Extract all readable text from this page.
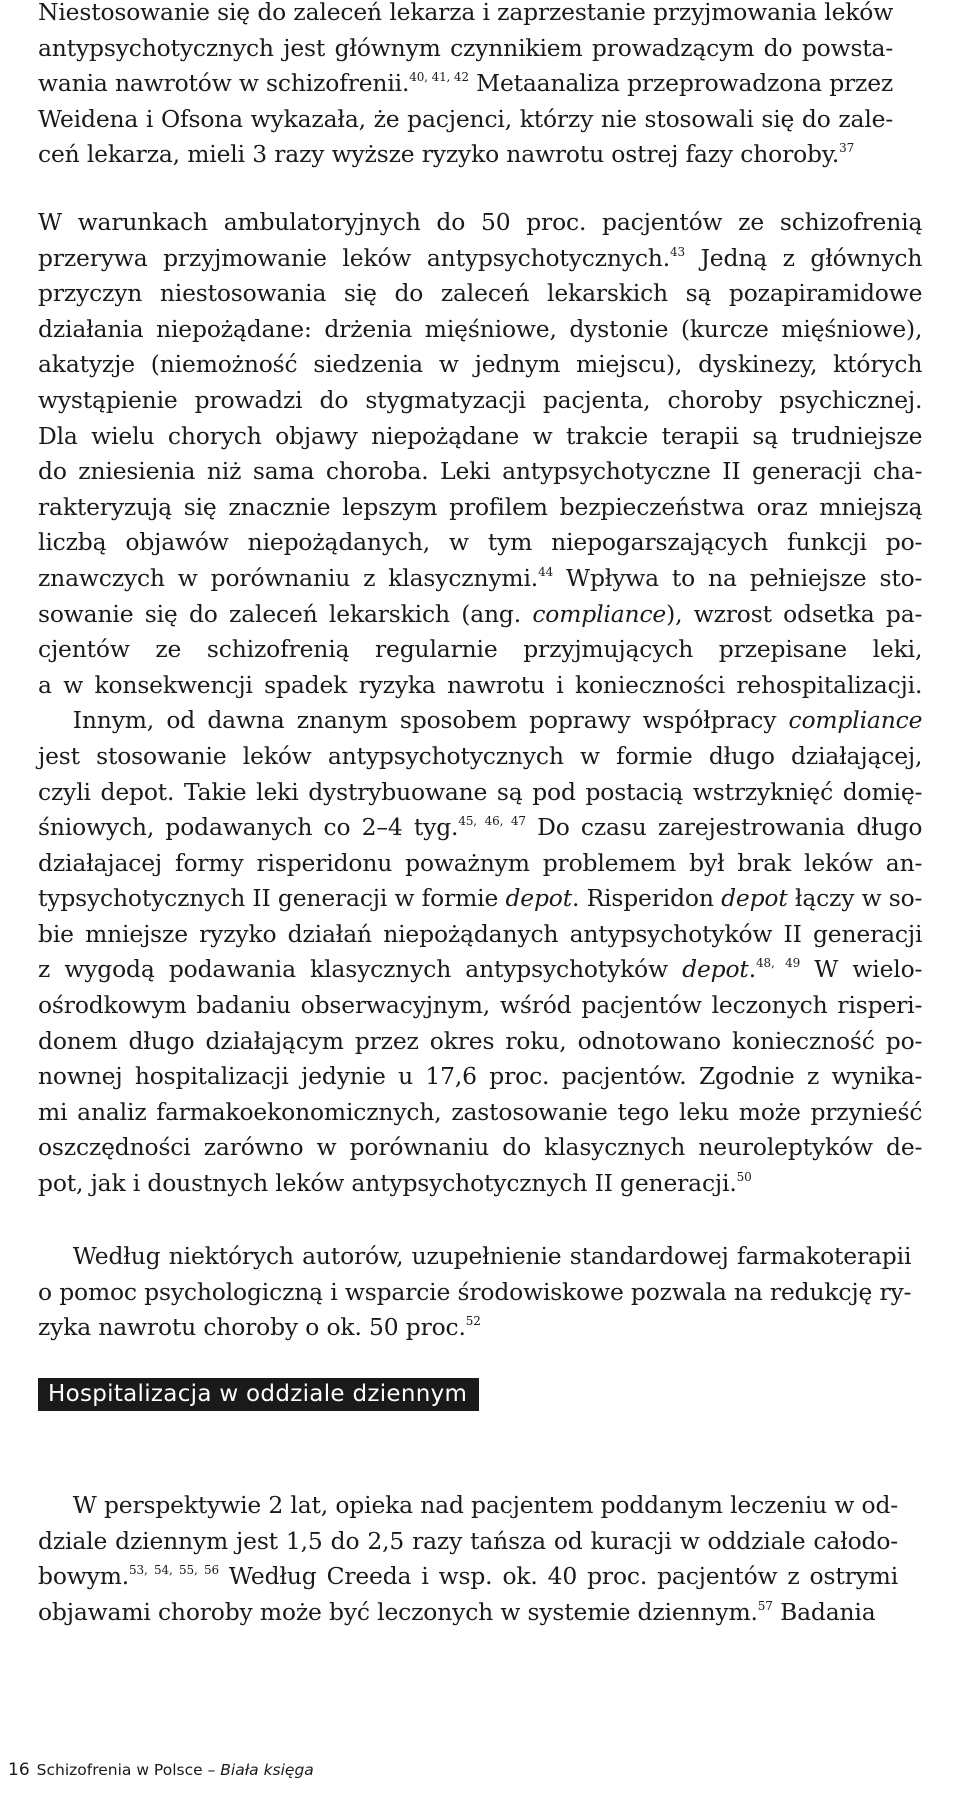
Niestosowanie się do zaleceń lekarza i zaprzestanie przyjmowania leków
antypsychotycznych jest głównym czynnikiem prowadzącym do powsta-
wania nawrotów w schizofrenii.$^{40, 41, 42}$ Metaanaliza przeprowadzona przez
Weidena i Ofsona wykazała, że pacjenci, którzy nie stosowali się do zale-
ceń lekarza, mieli 3 razy wyższe ryzyko nawrotu ostrej fazy choroby.$^{37}$
W warunkach ambulatoryjnych do 50 proc. pacjentów ze schizofrenią
przerywa przyjmowanie leków antypsychotycznych.$^{43}$ Jedną z głównych
przyczyn niestosowania się do zaleceń lekarskich są pozapiramidowe
działania niepożądane: drżenia mięśniowe, dystonie (kurcze mięśniowe),
akatyzje (niemożność siedzenia w jednym miejscu), dyskinezy, których
wystąpienie prowadzi do stygmatyzacji pacjenta, choroby psychicznej.
Dla wielu chorych objawy niepożądane w trakcie terapii są trudniejsze
do zniesienia niż sama choroba. Leki antypsychotyczne II generacji cha-
rakteryzują się znacznie lepszym profilem bezpieczeństwa oraz mniejszą
liczbą objawów niepożądanych, w tym niepogarszających funkcji po-
znawczych w porównaniu z klasycznymi.$^{44}$ Wpływa to na pełniejsze sto-
sowanie się do zaleceń lekarskich (ang. compliance), wzrost odsetka pa-
cjentów ze schizofrenią regularnie przyjmujących przepisane leki,
a w konsekwencji spadek ryzyka nawrotu i konieczności rehospitalizacji.
  Innym, od dawna znanym sposobem poprawy współpracy compliance
jest stosowanie leków antypsychotycznych w formie długo działającej,
czyli depot. Takie leki dystrybuowane są pod postacią wstrzyknięć domię-
śniowych, podawanych co 2–4 tyg.$^{45, 46, 47}$ Do czasu zarejestrowania długo
działajacej formy risperidonu poważnym problemem był brak leków an-
typsychotycznych II generacji w formie depot. Risperidon depot łączy w so-
bie mniejsze ryzyko działań niepożądanych antypsychotyków II generacji
z wygodą podawania klasycznych antypsychotyków depot.$^{48, 49}$ W wielo-
ośrodkowym badaniu obserwacyjnym, wśród pacjentów leczonych risperi-
donem długo działającym przez okres roku, odnotowano konieczność po-
nownej hospitalizacji jedynie u 17,6 proc. pacjentów. Zgodnie z wynika-
mi analiz farmakoekonomicznych, zastosowanie tego leku może przynieść
oszczędności zarówno w porównaniu do klasycznych neuroleptyków de-
pot, jak i doustnych leków antypsychotycznych II generacji.$^{50}$
  Według niektórych autorów, uzupełnienie standardowej farmakoterapii
o pomoc psychologiczną i wsparcie środowiskowe pozwala na redukcję ry-
zyka nawrotu choroby o ok. 50 proc.$^{52}$
Hospitalizacja w oddziale dziennym
  W perspektywie 2 lat, opieka nad pacjentem poddanym leczeniu w od-
dziale dziennym jest 1,5 do 2,5 razy tańsza od kuracji w oddziale całodo-
bowym.$^{53, 54, 55, 56}$ Według Creeda i wsp. ok. 40 proc. pacjentów z ostrymi
objawami choroby może być leczonych w systemie dziennym.$^{57}$ Badania
16 Schizofrenia w Polsce – Biała księga
